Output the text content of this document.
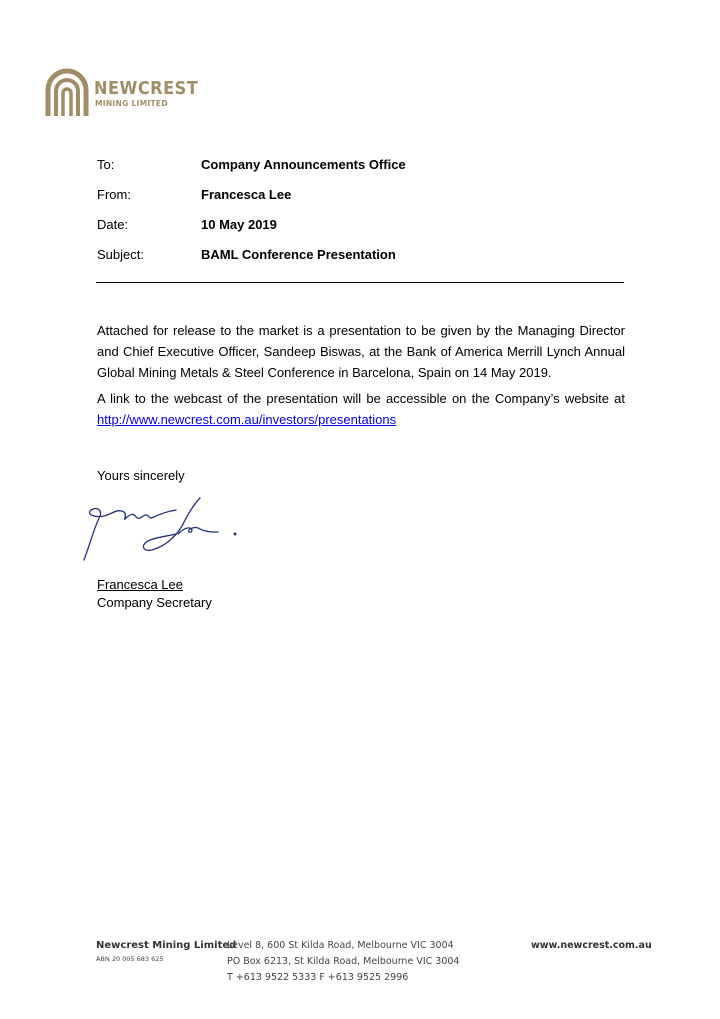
NEWCREST
MINING LIMITED
To:	Company Announcements Office
From:	Francesca Lee
Date:	10 May 2019
Subject:	BAML Conference Presentation

Attached for release to the market is a presentation to be given by the Managing Director and Chief Executive Officer, Sandeep Biswas, at the Bank of America Merrill Lynch Annual Global Mining Metals & Steel Conference in Barcelona, Spain on 14 May 2019.

A link to the webcast of the presentation will be accessible on the Company’s website at http://www.newcrest.com.au/investors/presentations

Yours sincerely
Francesca Lee
Company Secretary
Newcrest Mining Limited
ABN 20 005 683 625
Level 8, 600 St Kilda Road, Melbourne VIC 3004
PO Box 6213, St Kilda Road, Melbourne VIC 3004
T +613 9522 5333 F +613 9525 2996
www.newcrest.com.au
